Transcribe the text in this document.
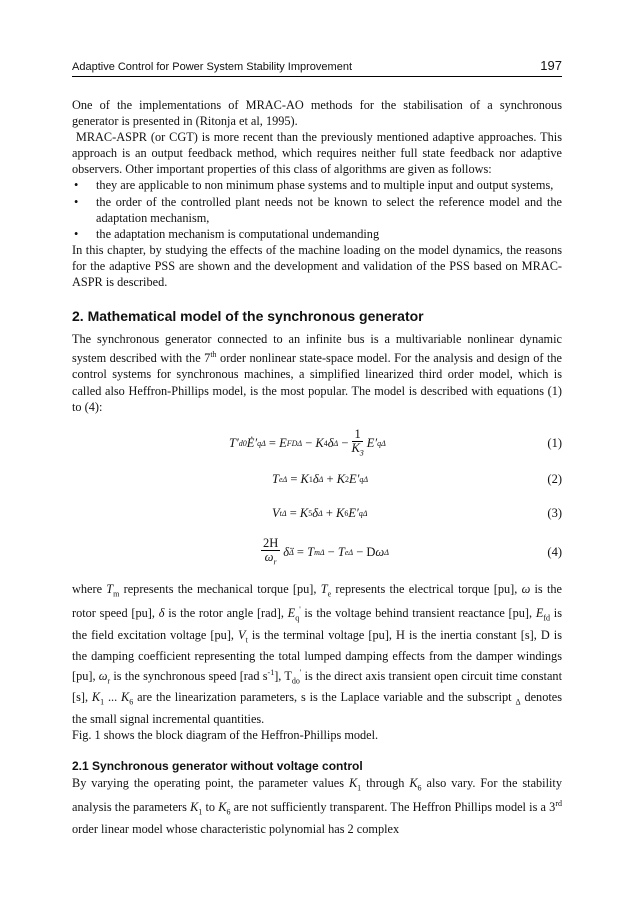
Adaptive Control for Power System Stability Improvement	197

One of the implementations of MRAC-AO methods for the stabilisation of a synchronous generator is presented in (Ritonja et al, 1995).

MRAC-ASPR (or CGT) is more recent than the previously mentioned adaptive approaches. This approach is an output feedback method, which requires neither full state feedback nor adaptive observers. Other important properties of this class of algorithms are given as follows:

• they are applicable to non minimum phase systems and to multiple input and output systems,
• the order of the controlled plant needs not be known to select the reference model and the adaptation mechanism,
• the adaptation mechanism is computational undemanding

In this chapter, by studying the effects of the machine loading on the model dynamics, the reasons for the adaptive PSS are shown and the development and validation of the PSS based on MRAC-ASPR is described.

2. Mathematical model of the synchronous generator

The synchronous generator connected to an infinite bus is a multivariable nonlinear dynamic system described with the 7th order nonlinear state-space model. For the analysis and design of the control systems for synchronous machines, a simplified linearized third order model, which is called also Heffron-Phillips model, is the most popular. The model is described with equations (1) to (4):

T′ d0 Ė′ qΔ
= E FDΔ
− K 4 δ Δ
− $\frac{1}{K_3} E'$ qΔ	(1)
T eΔ
= K 1 δ Δ
+ K 2 E′ qΔ	(2)
V tΔ
= K 5 δ Δ
+ K 6 E′ qΔ	(3)
$\frac{2H}{\omega_r}$ δ̈ Δ
= T mΔ
− T eΔ
−
D ω Δ	(4)

where $T_m$ represents the mechanical torque [pu], $T_e$ represents the electrical torque [pu], ω is the rotor speed [pu], δ is the rotor angle [rad], $E_q'$ is the voltage behind transient reactance [pu], $E_{fd}$ is the field excitation voltage [pu], $V_t$ is the terminal voltage [pu], H is the inertia constant [s], D is the damping coefficient representing the total lumped damping effects from the damper windings [pu], $\omega_r$ is the synchronous speed [rad $s^{-1}$], $T_{do}'$ is the direct axis transient open circuit time constant [s], $K_1$ ... $K_6$ are the linearization parameters, s is the Laplace variable and the subscript $_\Delta$ denotes the small signal incremental quantities.

Fig. 1 shows the block diagram of the Heffron-Phillips model.

2.1 Synchronous generator without voltage control

By varying the operating point, the parameter values $K_1$ through $K_6$ also vary. For the stability analysis the parameters $K_1$ to $K_6$ are not sufficiently transparent. The Heffron Phillips model is a 3rd order linear model whose characteristic polynomial has 2 complex
